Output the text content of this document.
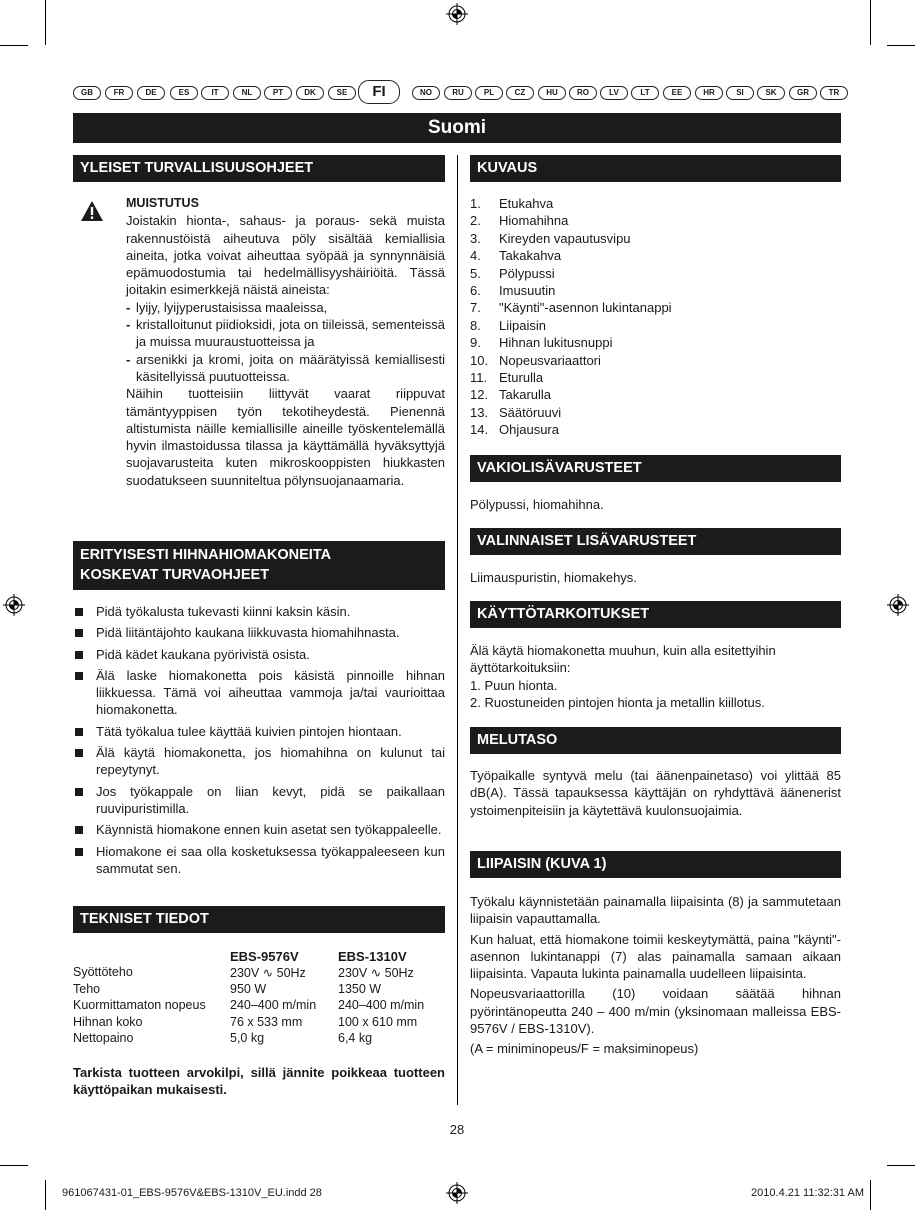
GB	FR	DE	ES	IT	NL	PT	DK	SE	FI	NO	RU	PL	CZ	HU	RO	LV	LT	EE	HR	SI	SK	GR	TR
Suomi
YLEISET TURVALLISUUSOHJEET

MUISTUTUS

Joistakin hionta-, sahaus- ja poraus- sekä muista rakennustöistä aiheutuva pöly sisältää kemiallisia aineita, jotka voivat aiheuttaa syöpää ja synnynnäisiä epämuodostumia tai hedelmällisyyshäiriöitä. Tässä joitakin esimerkkejä näistä aineista:

- lyijy, lyijyperustaisissa maaleissa,

- kristalloitunut piidioksidi, jota on tiileissä, sementeissä ja muissa muuraustuotteissa ja

- arsenikki ja kromi, joita on määrätyissä kemiallisesti käsitellyissä puutuotteissa.

Näihin tuotteisiin liittyvät vaarat riippuvat tämäntyyppisen työn tekotiheydestä. Pienennä altistumista näille kemiallisille aineille työskentelemällä hyvin ilmastoidussa tilassa ja käyttämällä hyväksyttyjä suojavarusteita kuten mikroskooppisten hiukkasten suodatukseen suunniteltua pölynsuojanaamaria.

ERITYISESTI HIHNAHIOMAKONEITA
KOSKEVAT TURVAOHJEET
Pidä työkalusta tukevasti kiinni kaksin käsin.
Pidä liitäntäjohto kaukana liikkuvasta hiomahihnasta.
Pidä kädet kaukana pyörivistä osista.
Älä laske hiomakonetta pois käsistä pinnoille hihnan liikkuessa. Tämä voi aiheuttaa vammoja ja/tai vaurioittaa hiomakonetta.
Tätä työkalua tulee käyttää kuivien pintojen hiontaan.
Älä käytä hiomakonetta, jos hiomahihna on kulunut tai repeytynyt.
Jos työkappale on liian kevyt, pidä se paikallaan ruuvipuristimilla.
Käynnistä hiomakone ennen kuin asetat sen työkappaleelle.
Hiomakone ei saa olla kosketuksessa työkappaleeseen kun sammutat sen.
TEKNISET TIEDOT
	EBS-9576V	EBS-1310V
Syöttöteho	230V ∿ 50Hz	230V ∿ 50Hz
Teho	950 W	1350 W
Kuormittamaton nopeus	240–400 m/min	240–400 m/min
Hihnan koko	76 x 533 mm	100 x 610 mm
Nettopaino	5,0 kg	6,4 kg
Tarkista tuotteen arvokilpi, sillä jännite poikkeaa tuotteen käyttöpaikan mukaisesti.
KUVAUS
1. Etukahva
2. Hiomahihna
3. Kireyden vapautusvipu
4. Takakahva
5. Pölypussi
6. Imusuutin
7. "Käynti"-asennon lukintanappi
8. Liipaisin
9. Hihnan lukitusnuppi
10. Nopeusvariaattori
11. Eturulla
12. Takarulla
13. Säätöruuvi
14. Ohjausura
VAKIOLISÄVARUSTEET
Pölypussi, hiomahihna.
VALINNAISET LISÄVARUSTEET
Liimauspuristin, hiomakehys.
KÄYTTÖTARKOITUKSET

Älä käytä hiomakonetta muuhun, kuin alla esitettyihin äyttötarkoituksiin:

1. Puun hionta.

2. Ruostuneiden pintojen hionta ja metallin kiillotus.

MELUTASO
Työpaikalle syntyvä melu (tai äänenpainetaso) voi ylittää 85 dB(A). Tässä tapauksessa käyttäjän on ryhdyttävä äänenerist ystoimenpiteisiin ja käytettävä kuulonsuojaimia.
LIIPAISIN (KUVA 1)

Työkalu käynnistetään painamalla liipaisinta (8) ja sammutetaan liipaisin vapauttamalla.

Kun haluat, että hiomakone toimii keskeytymättä, paina "käynti"-asennon lukintanappi (7) alas painamalla samaan aikaan liipaisinta. Vapauta lukinta painamalla uudelleen liipaisinta.

Nopeusvariaattorilla (10) voidaan säätää hihnan pyörintänopeutta 240 – 400 m/min (yksinomaan malleissa EBS-9576V / EBS-1310V).

(A = miniminopeus/F = maksiminopeus)

28
961067431-01_EBS-9576V&EBS-1310V_EU.indd 28	2010.4.21 11:32:31 AM
